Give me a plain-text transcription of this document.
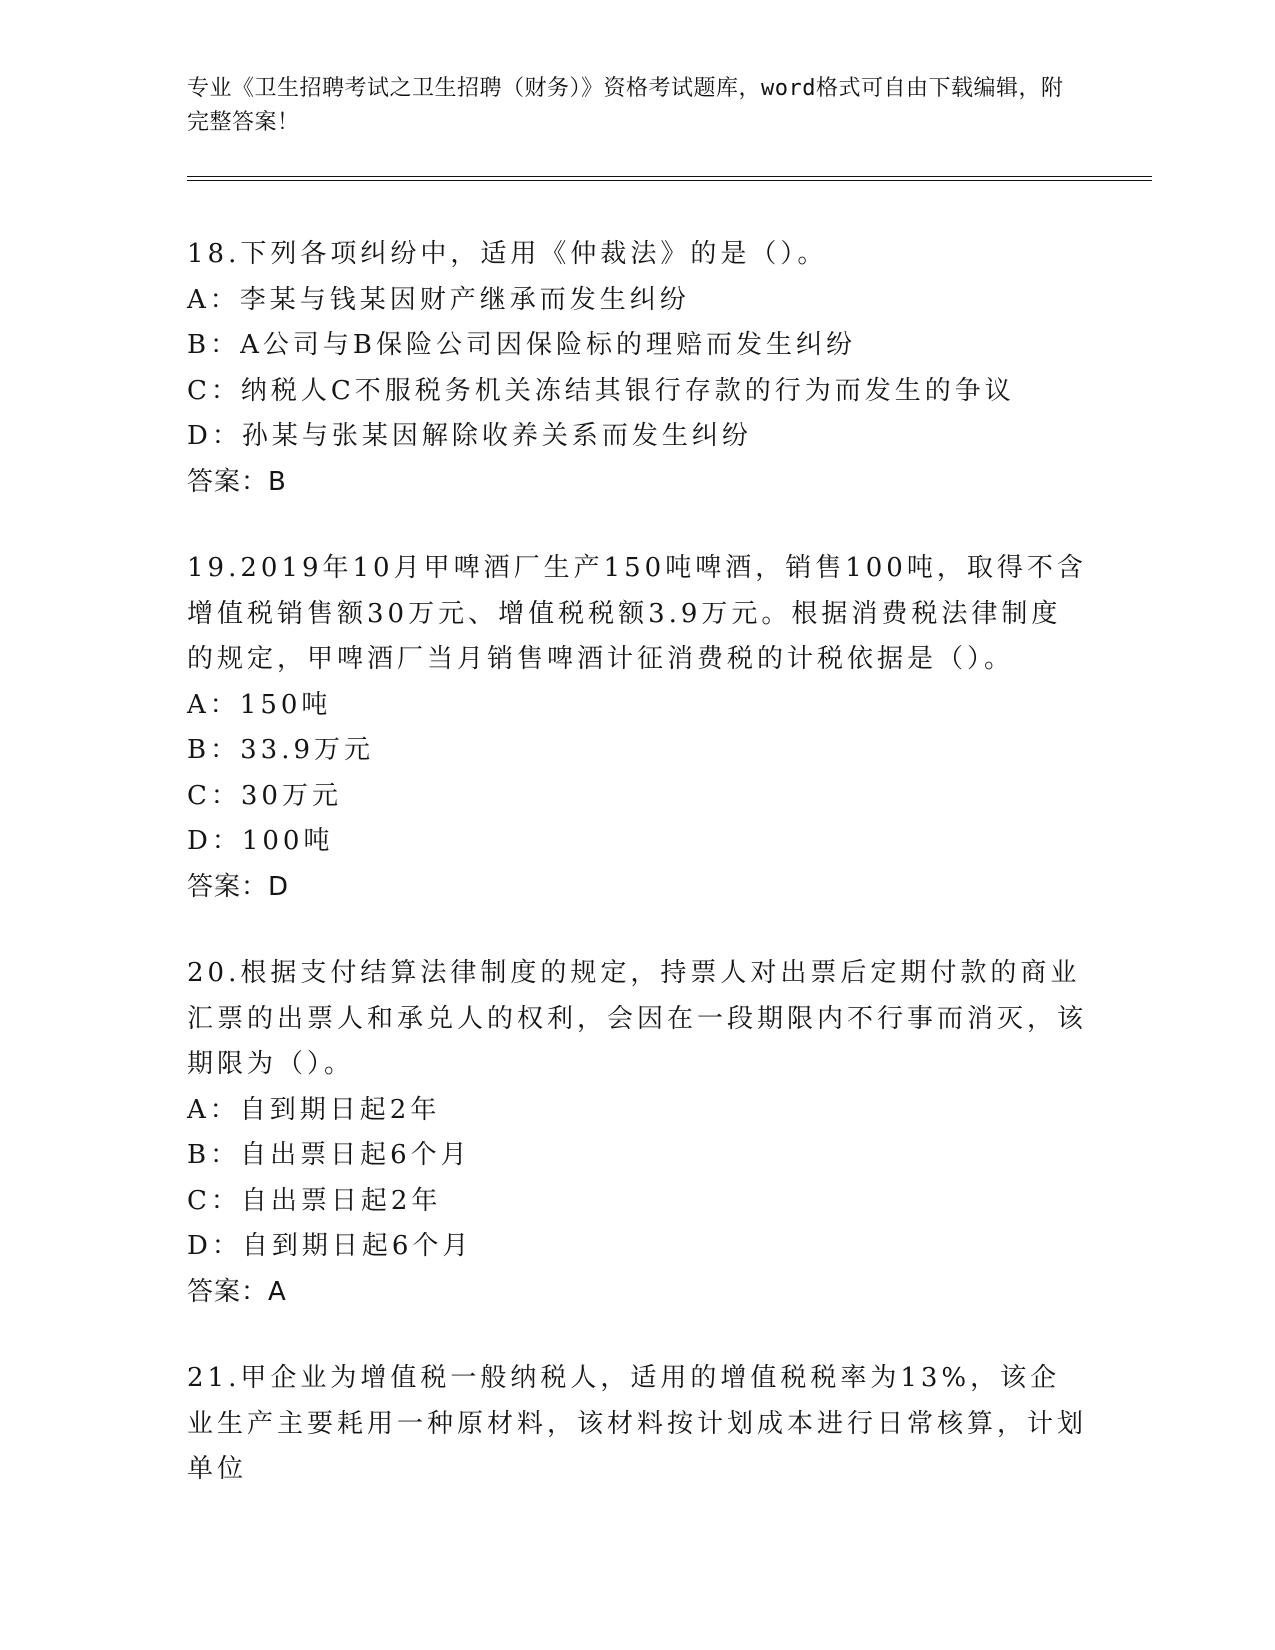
专业《卫生招聘考试之卫生招聘（财务）》资格考试题库，word格式可自由下载编辑，附完整答案！

18.下列各项纠纷中，适用《仲裁法》的是（）。

A：李某与钱某因财产继承而发生纠纷

B：A公司与B保险公司因保险标的理赔而发生纠纷

C：纳税人C不服税务机关冻结其银行存款的行为而发生的争议

D：孙某与张某因解除收养关系而发生纠纷

答案：B

19.2019年10月甲啤酒厂生产150吨啤酒，销售100吨，取得不含增值税销售额30万元、增值税税额3.9万元。根据消费税法律制度的规定，甲啤酒厂当月销售啤酒计征消费税的计税依据是（）。

A：150吨

B：33.9万元

C：30万元

D：100吨

答案：D

20.根据支付结算法律制度的规定，持票人对出票后定期付款的商业汇票的出票人和承兑人的权利，会因在一段期限内不行事而消灭，该期限为（）。

A：自到期日起2年

B：自出票日起6个月

C：自出票日起2年

D：自到期日起6个月

答案：A

21.甲企业为增值税一般纳税人，适用的增值税税率为13%，该企业生产主要耗用一种原材料，该材料按计划成本进行日常核算，计划单位
